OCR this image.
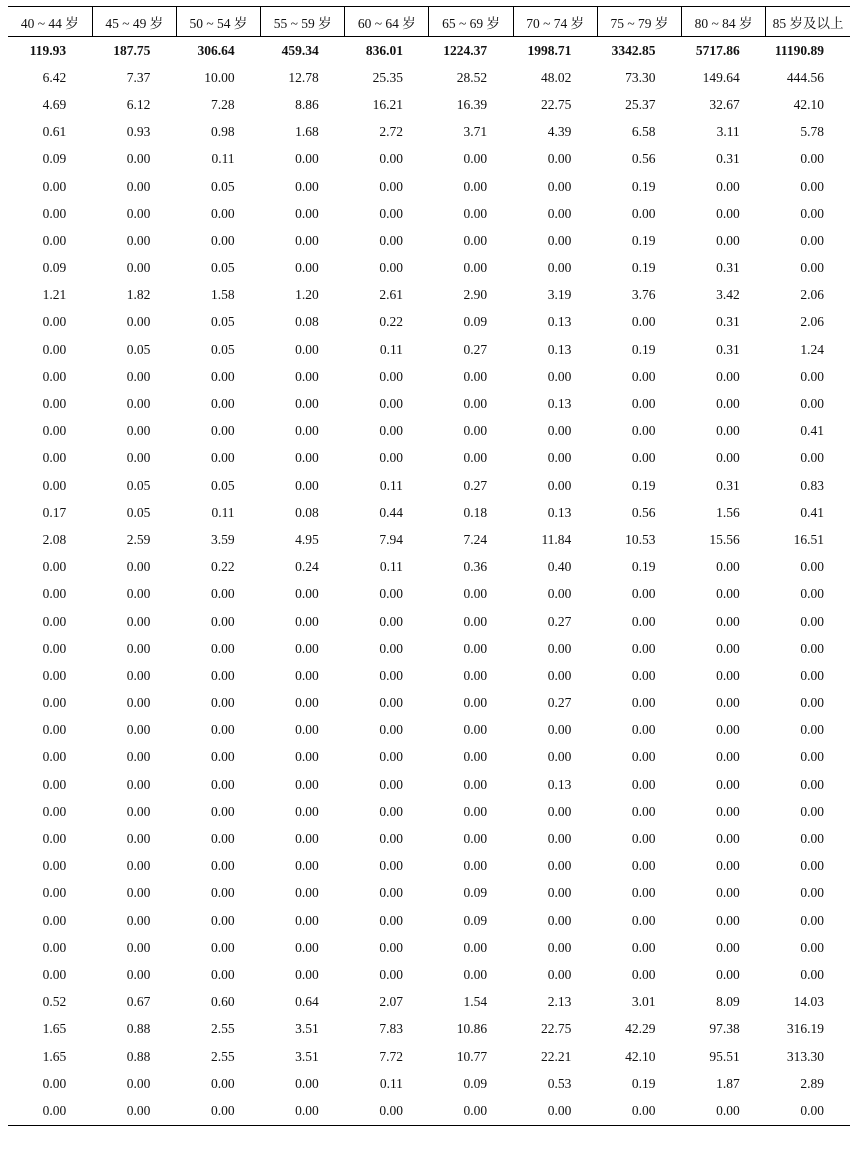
40 ~ 44 岁	45 ~ 49 岁	50 ~ 54 岁	55 ~ 59 岁	60 ~ 64 岁	65 ~ 69 岁	70 ~ 74 岁	75 ~ 79 岁	80 ~ 84 岁	85 岁及以上
119.93	187.75	306.64	459.34	836.01	1224.37	1998.71	3342.85	5717.86	11190.89
6.42	7.37	10.00	12.78	25.35	28.52	48.02	73.30	149.64	444.56
4.69	6.12	7.28	8.86	16.21	16.39	22.75	25.37	32.67	42.10
0.61	0.93	0.98	1.68	2.72	3.71	4.39	6.58	3.11	5.78
0.09	0.00	0.11	0.00	0.00	0.00	0.00	0.56	0.31	0.00
0.00	0.00	0.05	0.00	0.00	0.00	0.00	0.19	0.00	0.00
0.00	0.00	0.00	0.00	0.00	0.00	0.00	0.00	0.00	0.00
0.00	0.00	0.00	0.00	0.00	0.00	0.00	0.19	0.00	0.00
0.09	0.00	0.05	0.00	0.00	0.00	0.00	0.19	0.31	0.00
1.21	1.82	1.58	1.20	2.61	2.90	3.19	3.76	3.42	2.06
0.00	0.00	0.05	0.08	0.22	0.09	0.13	0.00	0.31	2.06
0.00	0.05	0.05	0.00	0.11	0.27	0.13	0.19	0.31	1.24
0.00	0.00	0.00	0.00	0.00	0.00	0.00	0.00	0.00	0.00
0.00	0.00	0.00	0.00	0.00	0.00	0.13	0.00	0.00	0.00
0.00	0.00	0.00	0.00	0.00	0.00	0.00	0.00	0.00	0.41
0.00	0.00	0.00	0.00	0.00	0.00	0.00	0.00	0.00	0.00
0.00	0.05	0.05	0.00	0.11	0.27	0.00	0.19	0.31	0.83
0.17	0.05	0.11	0.08	0.44	0.18	0.13	0.56	1.56	0.41
2.08	2.59	3.59	4.95	7.94	7.24	11.84	10.53	15.56	16.51
0.00	0.00	0.22	0.24	0.11	0.36	0.40	0.19	0.00	0.00
0.00	0.00	0.00	0.00	0.00	0.00	0.00	0.00	0.00	0.00
0.00	0.00	0.00	0.00	0.00	0.00	0.27	0.00	0.00	0.00
0.00	0.00	0.00	0.00	0.00	0.00	0.00	0.00	0.00	0.00
0.00	0.00	0.00	0.00	0.00	0.00	0.00	0.00	0.00	0.00
0.00	0.00	0.00	0.00	0.00	0.00	0.27	0.00	0.00	0.00
0.00	0.00	0.00	0.00	0.00	0.00	0.00	0.00	0.00	0.00
0.00	0.00	0.00	0.00	0.00	0.00	0.00	0.00	0.00	0.00
0.00	0.00	0.00	0.00	0.00	0.00	0.13	0.00	0.00	0.00
0.00	0.00	0.00	0.00	0.00	0.00	0.00	0.00	0.00	0.00
0.00	0.00	0.00	0.00	0.00	0.00	0.00	0.00	0.00	0.00
0.00	0.00	0.00	0.00	0.00	0.00	0.00	0.00	0.00	0.00
0.00	0.00	0.00	0.00	0.00	0.09	0.00	0.00	0.00	0.00
0.00	0.00	0.00	0.00	0.00	0.09	0.00	0.00	0.00	0.00
0.00	0.00	0.00	0.00	0.00	0.00	0.00	0.00	0.00	0.00
0.00	0.00	0.00	0.00	0.00	0.00	0.00	0.00	0.00	0.00
0.52	0.67	0.60	0.64	2.07	1.54	2.13	3.01	8.09	14.03
1.65	0.88	2.55	3.51	7.83	10.86	22.75	42.29	97.38	316.19
1.65	0.88	2.55	3.51	7.72	10.77	22.21	42.10	95.51	313.30
0.00	0.00	0.00	0.00	0.11	0.09	0.53	0.19	1.87	2.89
0.00	0.00	0.00	0.00	0.00	0.00	0.00	0.00	0.00	0.00
